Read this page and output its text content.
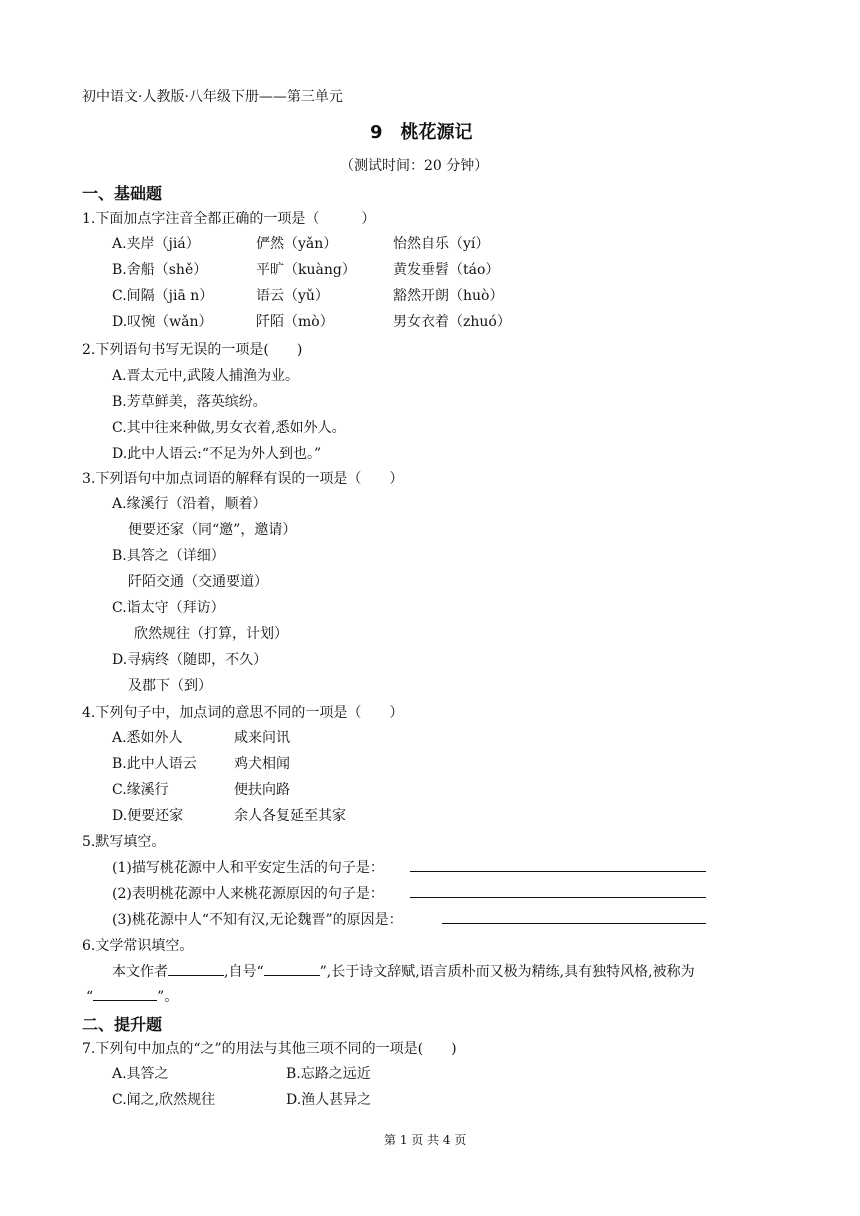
初中语文·人教版·八年级下册——第三单元
9　桃花源记
（测试时间：20 分钟）
一、基础题
1.下面加点字注音全都正确的一项是（　　　）
A.夹岸（jiá）	俨然（yǎn）	怡然自乐（yí）
B.舍船（shě）	平旷（kuàng）	黄发垂髫（táo）
C.间隔（jiā n）	语云（yǔ）	豁然开朗（huò）
D.叹惋（wǎn）	阡陌（mò）	男女衣着（zhuó）
2.下列语句书写无误的一项是(　　)
A.晋太元中,武陵人捕渔为业。
B.芳草鲜美，落英缤纷。
C.其中往来种做,男女衣着,悉如外人。
D.此中人语云:“不足为外人到也。”
3.下列语句中加点词语的解释有误的一项是（　　）
A.缘溪行（沿着，顺着）
便要还家（同“邀”，邀请）
B.具答之（详细）
阡陌交通（交通要道）
C.诣太守（拜访）
欣然规往（打算，计划）
D.寻病终（随即，不久）
及郡下（到）
4.下列句子中，加点词的意思不同的一项是（　　）
A.悉如外人	咸来问讯
B.此中人语云	鸡犬相闻
C.缘溪行	便扶向路
D.便要还家	余人各复延至其家
5.默写填空。
(1)描写桃花源中人和平安定生活的句子是：
(2)表明桃花源中人来桃花源原因的句子是：
(3)桃花源中人“不知有汉,无论魏晋”的原因是：
6.文学常识填空。
本文作者	,自号“	”,长于诗文辞赋,语言质朴而又极为精练,具有独特风格,被称为
“	”。
二、提升题
7.下列句中加点的“之”的用法与其他三项不同的一项是(　　)
A.具答之	B.忘路之远近
C.闻之,欣然规往	D.渔人甚异之
第 1 页 共 4 页
